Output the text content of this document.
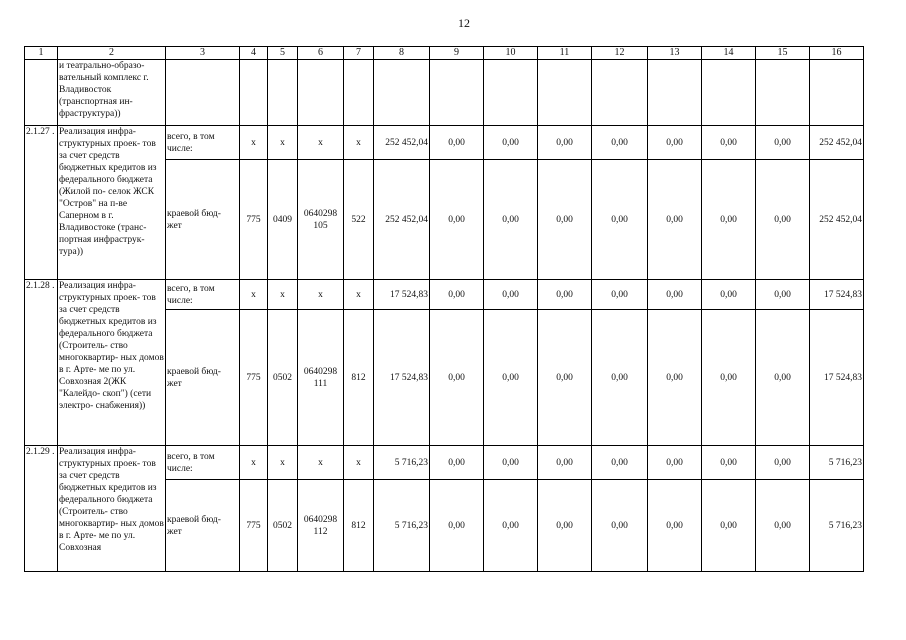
12
1	2	3	4	5	6	7	8	9	10	11	12	13	14	15	16
	и театрально-образо- вательный комплекс г. Владивосток (транспортная ин- фраструктура))														
2.1.27 .	Реализация инфра- структурных проек- тов за счет средств бюджетных кредитов из федерального бюджета (Жилой по- селок ЖСК "Остров" на п-ве Саперном в г. Владивостоке (транс- портная инфраструк- тура))	всего, в том числе:	x	x	x	x	252 452,04	0,00	0,00	0,00	0,00	0,00	0,00	0,00	252 452,04
		краевой бюд- жет	775	0409	0640298 105	522	252 452,04	0,00	0,00	0,00	0,00	0,00	0,00	0,00	252 452,04
2.1.28 .	Реализация инфра- структурных проек- тов за счет средств бюджетных кредитов из федерального бюджета (Строитель- ство многоквартир- ных домов в г. Арте- ме по ул. Совхозная 2(ЖК "Калейдо- скоп") (сети электро- снабжения))	всего, в том числе:	x	x	x	x	17 524,83	0,00	0,00	0,00	0,00	0,00	0,00	0,00	17 524,83
		краевой бюд- жет	775	0502	0640298 111	812	17 524,83	0,00	0,00	0,00	0,00	0,00	0,00	0,00	17 524,83
2.1.29 .	Реализация инфра- структурных проек- тов за счет средств бюджетных кредитов из федерального бюджета (Строитель- ство многоквартир- ных домов в г. Арте- ме по ул. Совхозная	всего, в том числе:	x	x	x	x	5 716,23	0,00	0,00	0,00	0,00	0,00	0,00	0,00	5 716,23
		краевой бюд- жет	775	0502	0640298 112	812	5 716,23	0,00	0,00	0,00	0,00	0,00	0,00	0,00	5 716,23
